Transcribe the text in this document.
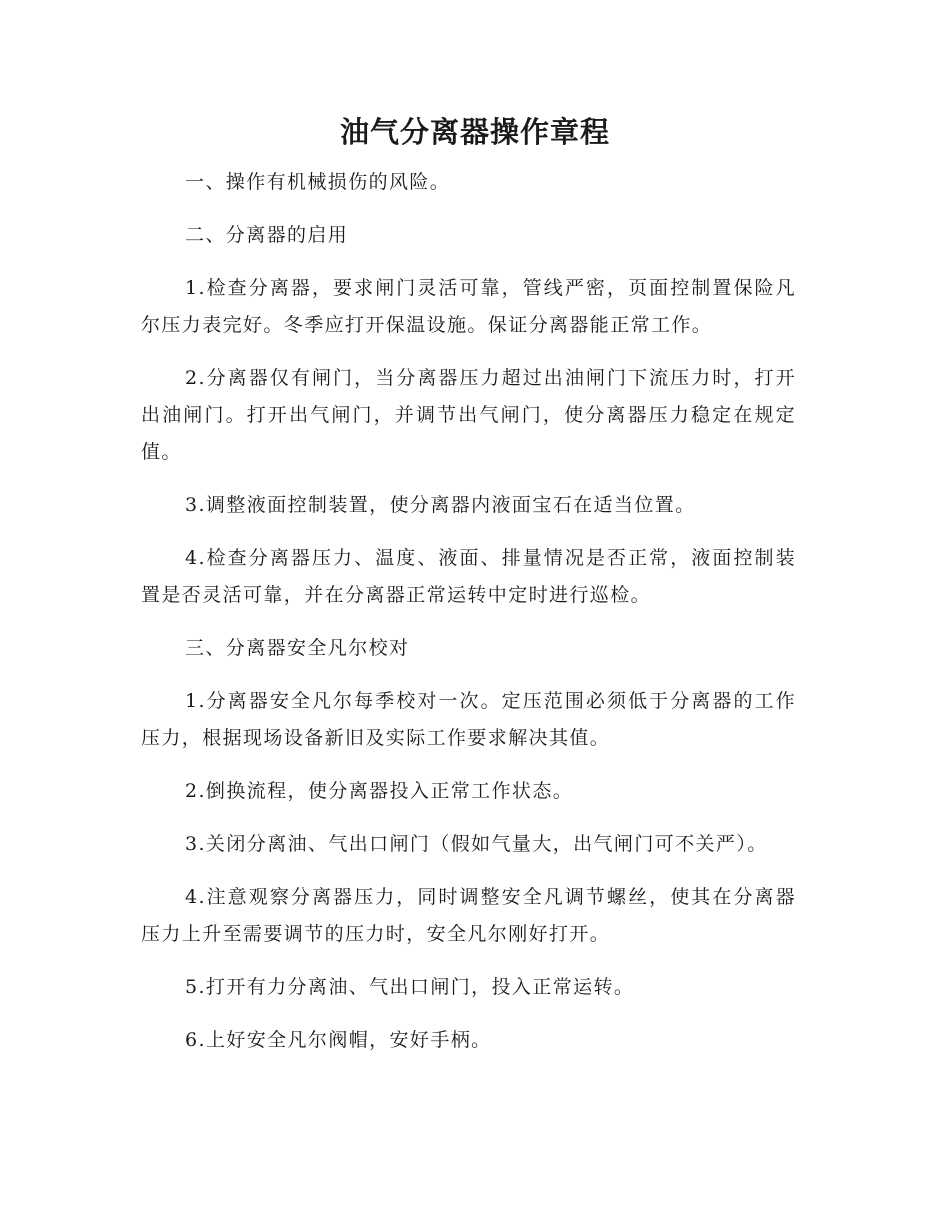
油气分离器操作章程

一、操作有机械损伤的风险。

二、分离器的启用

1.检查分离器，要求闸门灵活可靠，管线严密，页面控制置保险凡尔压力表完好。冬季应打开保温设施。保证分离器能正常工作。

2.分离器仅有闸门，当分离器压力超过出油闸门下流压力时，打开出油闸门。打开出气闸门，并调节出气闸门，使分离器压力稳定在规定值。

3.调整液面控制装置，使分离器内液面宝石在适当位置。

4.检查分离器压力、温度、液面、排量情况是否正常，液面控制装置是否灵活可靠，并在分离器正常运转中定时进行巡检。

三、分离器安全凡尔校对

1.分离器安全凡尔每季校对一次。定压范围必须低于分离器的工作压力，根据现场设备新旧及实际工作要求解决其值。

2.倒换流程，使分离器投入正常工作状态。

3.关闭分离油、气出口闸门（假如气量大，出气闸门可不关严）。

4.注意观察分离器压力，同时调整安全凡调节螺丝，使其在分离器压力上升至需要调节的压力时，安全凡尔刚好打开。

5.打开有力分离油、气出口闸门，投入正常运转。

6.上好安全凡尔阀帽，安好手柄。
